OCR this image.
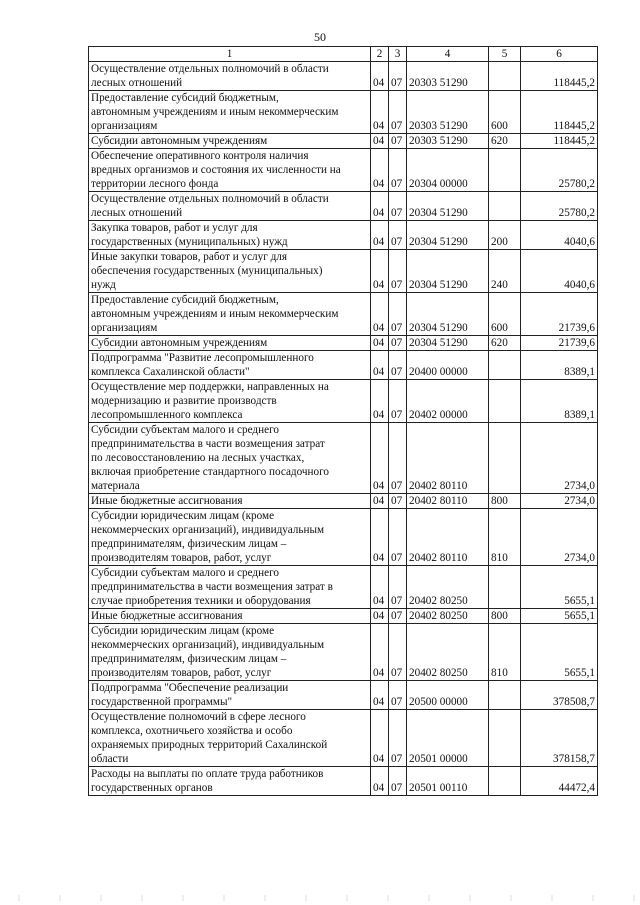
50
1	2	3	4	5	6
Осуществление отдельных полномочий в области
лесных отношений	04	07	20303 51290		118445,2
Предоставление субсидий бюджетным,
автономным учреждениям и иным некоммерческим
организациям	04	07	20303 51290	600	118445,2
Субсидии автономным учреждениям	04	07	20303 51290	620	118445,2
Обеспечение оперативного контроля наличия
вредных организмов и состояния их численности на
территории лесного фонда	04	07	20304 00000		25780,2
Осуществление отдельных полномочий в области
лесных отношений	04	07	20304 51290		25780,2
Закупка товаров, работ и услуг для
государственных (муниципальных) нужд	04	07	20304 51290	200	4040,6
Иные закупки товаров, работ и услуг для
обеспечения государственных (муниципальных)
нужд	04	07	20304 51290	240	4040,6
Предоставление субсидий бюджетным,
автономным учреждениям и иным некоммерческим
организациям	04	07	20304 51290	600	21739,6
Субсидии автономным учреждениям	04	07	20304 51290	620	21739,6
Подпрограмма "Развитие лесопромышленного
комплекса Сахалинской области"	04	07	20400 00000		8389,1
Осуществление мер поддержки, направленных на
модернизацию и развитие производств
лесопромышленного комплекса	04	07	20402 00000		8389,1
Субсидии субъектам малого и среднего
предпринимательства в части возмещения затрат
по лесовосстановлению на лесных участках,
включая приобретение стандартного посадочного
материала	04	07	20402 80110		2734,0
Иные бюджетные ассигнования	04	07	20402 80110	800	2734,0
Субсидии юридическим лицам (кроме
некоммерческих организаций), индивидуальным
предпринимателям, физическим лицам –
производителям товаров, работ, услуг	04	07	20402 80110	810	2734,0
Субсидии субъектам малого и среднего
предпринимательства в части возмещения затрат в
случае приобретения техники и оборудования	04	07	20402 80250		5655,1
Иные бюджетные ассигнования	04	07	20402 80250	800	5655,1
Субсидии юридическим лицам (кроме
некоммерческих организаций), индивидуальным
предпринимателям, физическим лицам –
производителям товаров, работ, услуг	04	07	20402 80250	810	5655,1
Подпрограмма "Обеспечение реализации
государственной программы"	04	07	20500 00000		378508,7
Осуществление полномочий в сфере лесного
комплекса, охотничьего хозяйства и особо
охраняемых природных территорий Сахалинской
области	04	07	20501 00000		378158,7
Расходы на выплаты по оплате труда работников
государственных органов	04	07	20501 00110		44472,4
